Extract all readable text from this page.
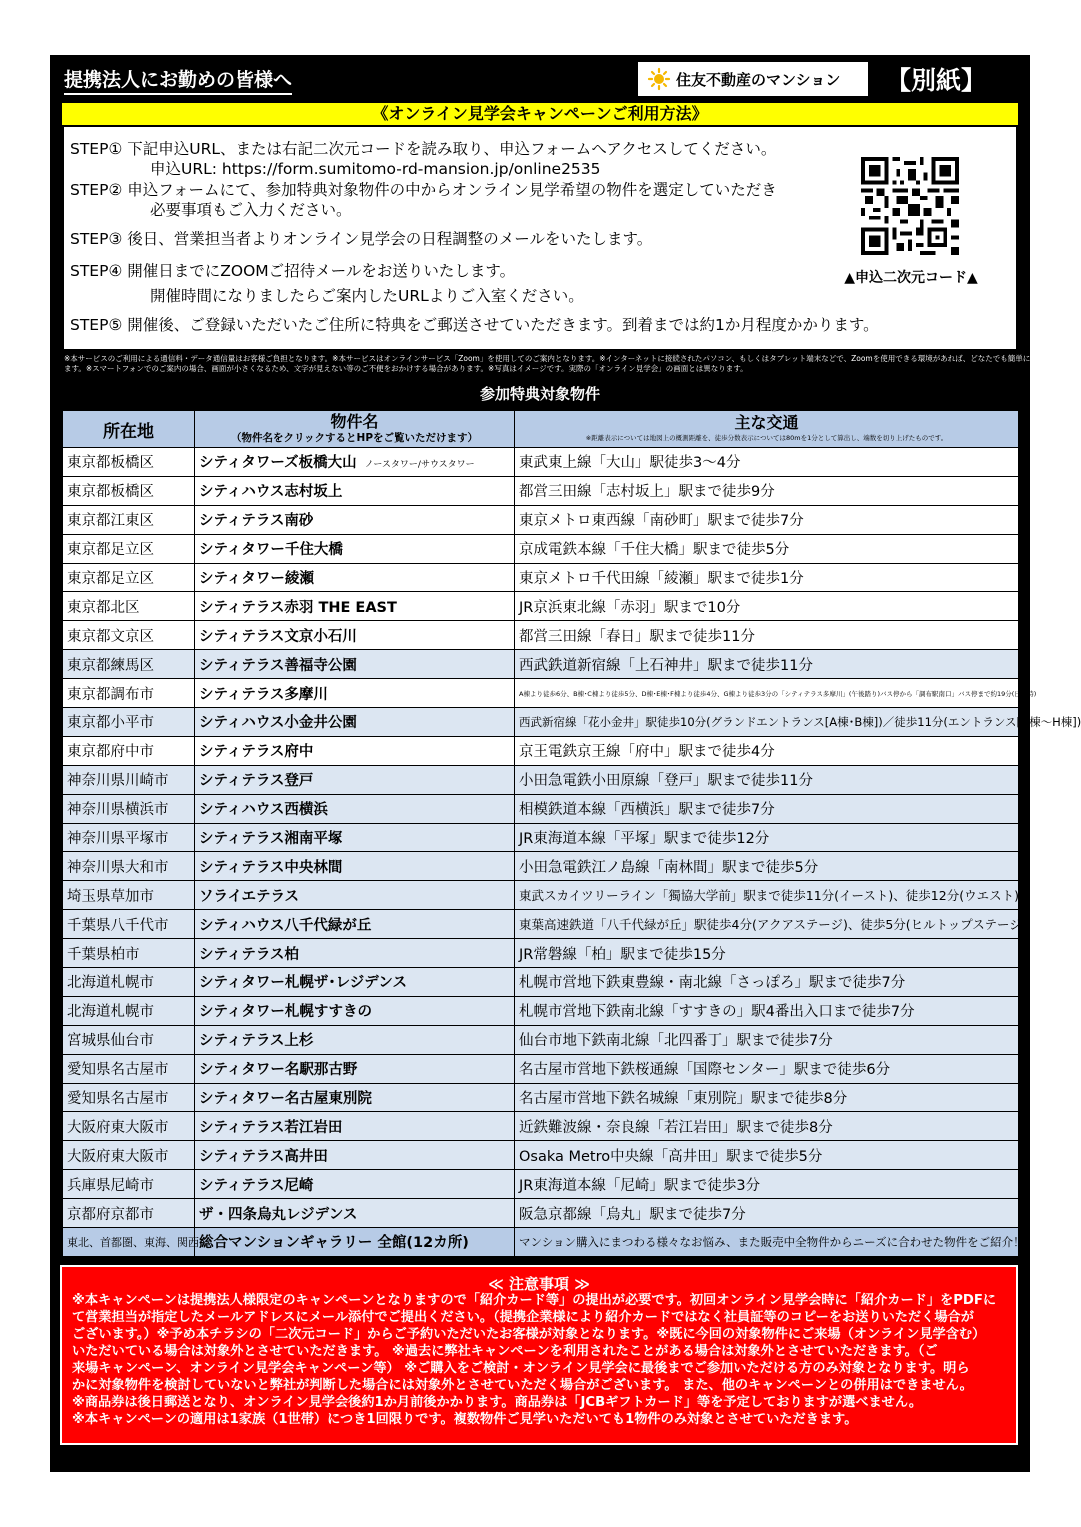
提携法人にお勤めの皆様へ	住友不動産のマンション 【別紙】
《オンライン見学会キャンペーンご利用方法》
STEP① 下記申込URL、または右記二次元コードを読み取り、申込フォームへアクセスしてください。
申込URL: https://form.sumitomo-rd-mansion.jp/online2535
STEP② 申込フォームにて、参加特典対象物件の中からオンライン見学希望の物件を選定していただき
必要事項もご入力ください。
STEP③ 後日、営業担当者よりオンライン見学会の日程調整のメールをいたします。
STEP④ 開催日までにZOOMご招待メールをお送りいたします。
開催時間になりましたらご案内したURLよりご入室ください。
STEP⑤ 開催後、ご登録いただいたご住所に特典をご郵送させていただきます。到着までは約1か月程度かかります。
▲申込二次元コード▲
※本サービスのご利用による通信料・データ通信量はお客様ご負担となります。※本サービスはオンラインサービス「Zoom」を使用してのご案内となります。※インターネットに接続されたパソコン、もしくはタブレット端末などで、Zoomを使用できる環境があれば、どなたでも簡単にご利用頂け
ます。※スマートフォンでのご案内の場合、画面が小さくなるため、文字が見えない等のご不便をおかけする場合があります。※写真はイメージです。実際の「オンライン見学会」の画面とは異なります。
参加特典対象物件
所在地	物件名
（物件名をクリックするとHPをご覧いただけます）	主な交通
※距離表示については地図上の概測距離を、徒歩分数表示については80mを1分として算出し、端数を切り上げたものです。

東京都板橋区	シティタワーズ板橋大山 ノースタワー/サウスタワー	東武東上線「大山」駅徒歩3～4分
東京都板橋区	シティハウス志村坂上	都営三田線「志村坂上」駅まで徒歩9分
東京都江東区	シティテラス南砂	東京メトロ東西線「南砂町」駅まで徒歩7分
東京都足立区	シティタワー千住大橋	京成電鉄本線「千住大橋」駅まで徒歩5分
東京都足立区	シティタワー綾瀬	東京メトロ千代田線「綾瀬」駅まで徒歩1分
東京都北区	シティテラス赤羽 THE EAST	JR京浜東北線「赤羽」駅まで10分
東京都文京区	シティテラス文京小石川	都営三田線「春日」駅まで徒歩11分
東京都練馬区	シティテラス善福寺公園	西武鉄道新宿線「上石神井」駅まで徒歩11分
東京都調布市	シティテラス多摩川	A棟より徒歩6分、B棟･C棟より徒歩5分、D棟･E棟･F棟より徒歩4分、G棟より徒歩3分の「シティテラス多摩川」(午後踏り)バス停から「調布駅南口」バス停まで約19分(日中時)
東京都小平市	シティハウス小金井公園	西武新宿線「花小金井」駅徒歩10分(グランドエントランス[A棟･B棟])／徒歩11分(エントランス[C棟～H棟])
東京都府中市	シティテラス府中	京王電鉄京王線「府中」駅まで徒歩4分
神奈川県川崎市	シティテラス登戸	小田急電鉄小田原線「登戸」駅まで徒歩11分
神奈川県横浜市	シティハウス西横浜	相模鉄道本線「西横浜」駅まで徒歩7分
神奈川県平塚市	シティテラス湘南平塚	JR東海道本線「平塚」駅まで徒歩12分
神奈川県大和市	シティテラス中央林間	小田急電鉄江ノ島線「南林間」駅まで徒歩5分
埼玉県草加市	ソライエテラス	東武スカイツリーライン「獨協大学前」駅まで徒歩11分(イースト)、徒歩12分(ウエスト)
千葉県八千代市	シティハウス八千代緑が丘	東葉高速鉄道「八千代緑が丘」駅徒歩4分(アクアステージ)、徒歩5分(ヒルトップステージ)
千葉県柏市	シティテラス柏	JR常磐線「柏」駅まで徒歩15分
北海道札幌市	シティタワー札幌ザ･レジデンス	札幌市営地下鉄東豊線・南北線「さっぽろ」駅まで徒歩7分
北海道札幌市	シティタワー札幌すすきの	札幌市営地下鉄南北線「すすきの」駅4番出入口まで徒歩7分
宮城県仙台市	シティテラス上杉	仙台市地下鉄南北線「北四番丁」駅まで徒歩7分
愛知県名古屋市	シティタワー名駅那古野	名古屋市営地下鉄桜通線「国際センター」駅まで徒歩6分
愛知県名古屋市	シティタワー名古屋東別院	名古屋市営地下鉄名城線「東別院」駅まで徒歩8分
大阪府東大阪市	シティテラス若江岩田	近鉄難波線・奈良線「若江岩田」駅まで徒歩8分
大阪府東大阪市	シティテラス高井田	Osaka Metro中央線「高井田」駅まで徒歩5分
兵庫県尼崎市	シティテラス尼崎	JR東海道本線「尼崎」駅まで徒歩3分
京都府京都市	ザ・四条烏丸レジデンス	阪急京都線「烏丸」駅まで徒歩7分
東北、首都圏、東海、関西	総合マンションギャラリー 全館(12カ所)	マンション購入にまつわる様々なお悩み、また販売中全物件からニーズに合わせた物件をご紹介！
≪ 注意事項 ≫
※本キャンペーンは提携法人様限定のキャンペーンとなりますので「紹介カード等」の提出が必要です。初回オンライン見学会時に「紹介カード」をPDFに
て営業担当が指定したメールアドレスにメール添付でご提出ください。（提携企業様により紹介カードではなく社員証等のコピーをお送りいただく場合が
ございます。）※予め本チラシの「二次元コード」からご予約いただいたお客様が対象となります。※既に今回の対象物件にご来場（オンライン見学含む）
いただいている場合は対象外とさせていただきます。 ※過去に弊社キャンペーンを利用されたことがある場合は対象外とさせていただきます。（ご
来場キャンペーン、オンライン見学会キャンペーン等） ※ご購入をご検討・オンライン見学会に最後までご参加いただける方のみ対象となります。明ら
かに対象物件を検討していないと弊社が判断した場合には対象外とさせていただく場合がございます。 また、他のキャンペーンとの併用はできません。
※商品券は後日郵送となり、オンライン見学会後約1か月前後かかります。商品券は「JCBギフトカード」等を予定しておりますが選べません。
※本キャンペーンの適用は1家族（1世帯）につき1回限りです。複数物件ご見学いただいても1物件のみ対象とさせていただきます。
